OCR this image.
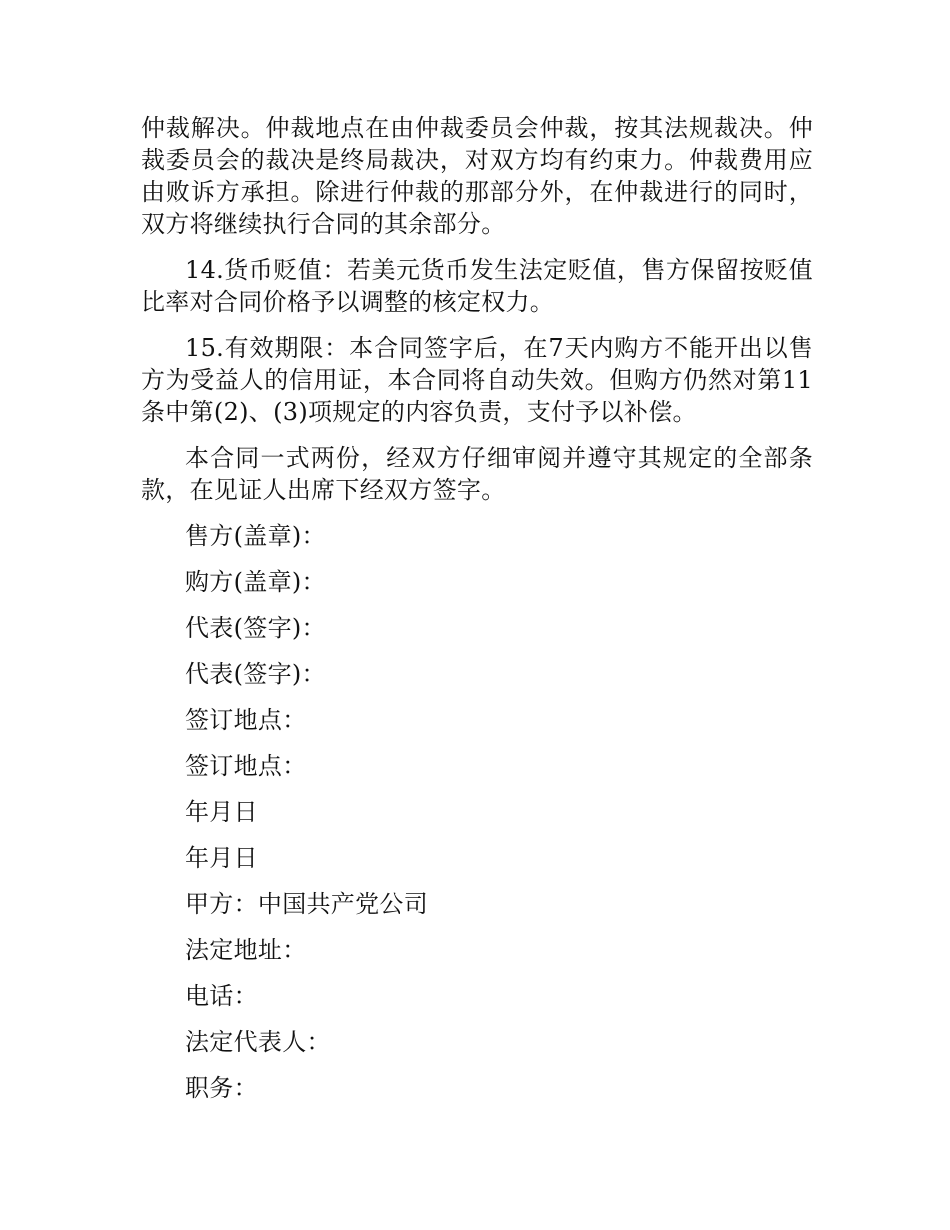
仲裁解决。仲裁地点在由仲裁委员会仲裁，按其法规裁决。仲裁委员会的裁决是终局裁决，对双方均有约束力。仲裁费用应由败诉方承担。除进行仲裁的那部分外，在仲裁进行的同时，双方将继续执行合同的其余部分。

14.货币贬值：若美元货币发生法定贬值，售方保留按贬值比率对合同价格予以调整的核定权力。

15.有效期限：本合同签字后，在7天内购方不能开出以售方为受益人的信用证，本合同将自动失效。但购方仍然对第11条中第(2)、(3)项规定的内容负责，支付予以补偿。

本合同一式两份，经双方仔细审阅并遵守其规定的全部条款，在见证人出席下经双方签字。

售方(盖章)：
购方(盖章)：
代表(签字)：
代表(签字)：
签订地点：
签订地点：
年月日
年月日
甲方：中国共产党公司
法定地址：
电话：
法定代表人：
职务：
